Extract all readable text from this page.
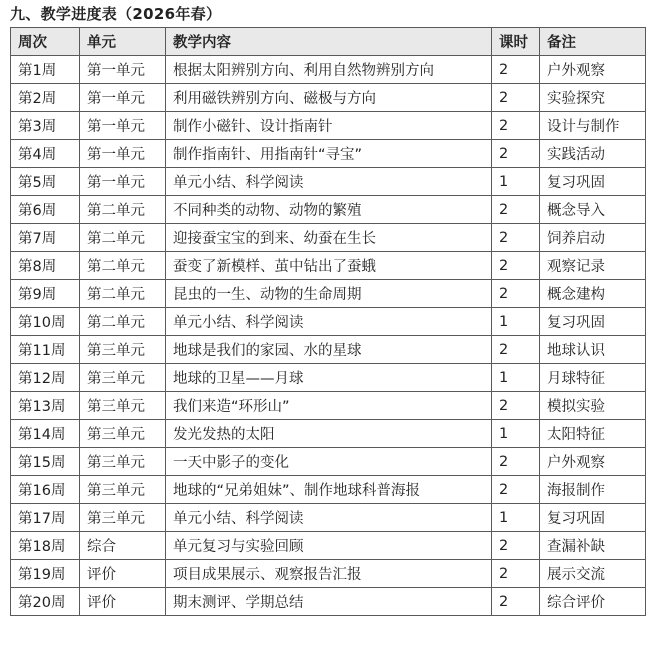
九、教学进度表（2026年春）
周次	单元	教学内容	课时	备注
第1周	第一单元	根据太阳辨别方向、利用自然物辨别方向	2	户外观察
第2周	第一单元	利用磁铁辨别方向、磁极与方向	2	实验探究
第3周	第一单元	制作小磁针、设计指南针	2	设计与制作
第4周	第一单元	制作指南针、用指南针“寻宝”	2	实践活动
第5周	第一单元	单元小结、科学阅读	1	复习巩固
第6周	第二单元	不同种类的动物、动物的繁殖	2	概念导入
第7周	第二单元	迎接蚕宝宝的到来、幼蚕在生长	2	饲养启动
第8周	第二单元	蚕变了新模样、茧中钻出了蚕蛾	2	观察记录
第9周	第二单元	昆虫的一生、动物的生命周期	2	概念建构
第10周	第二单元	单元小结、科学阅读	1	复习巩固
第11周	第三单元	地球是我们的家园、水的星球	2	地球认识
第12周	第三单元	地球的卫星——月球	1	月球特征
第13周	第三单元	我们来造“环形山”	2	模拟实验
第14周	第三单元	发光发热的太阳	1	太阳特征
第15周	第三单元	一天中影子的变化	2	户外观察
第16周	第三单元	地球的“兄弟姐妹”、制作地球科普海报	2	海报制作
第17周	第三单元	单元小结、科学阅读	1	复习巩固
第18周	综合	单元复习与实验回顾	2	查漏补缺
第19周	评价	项目成果展示、观察报告汇报	2	展示交流
第20周	评价	期末测评、学期总结	2	综合评价
